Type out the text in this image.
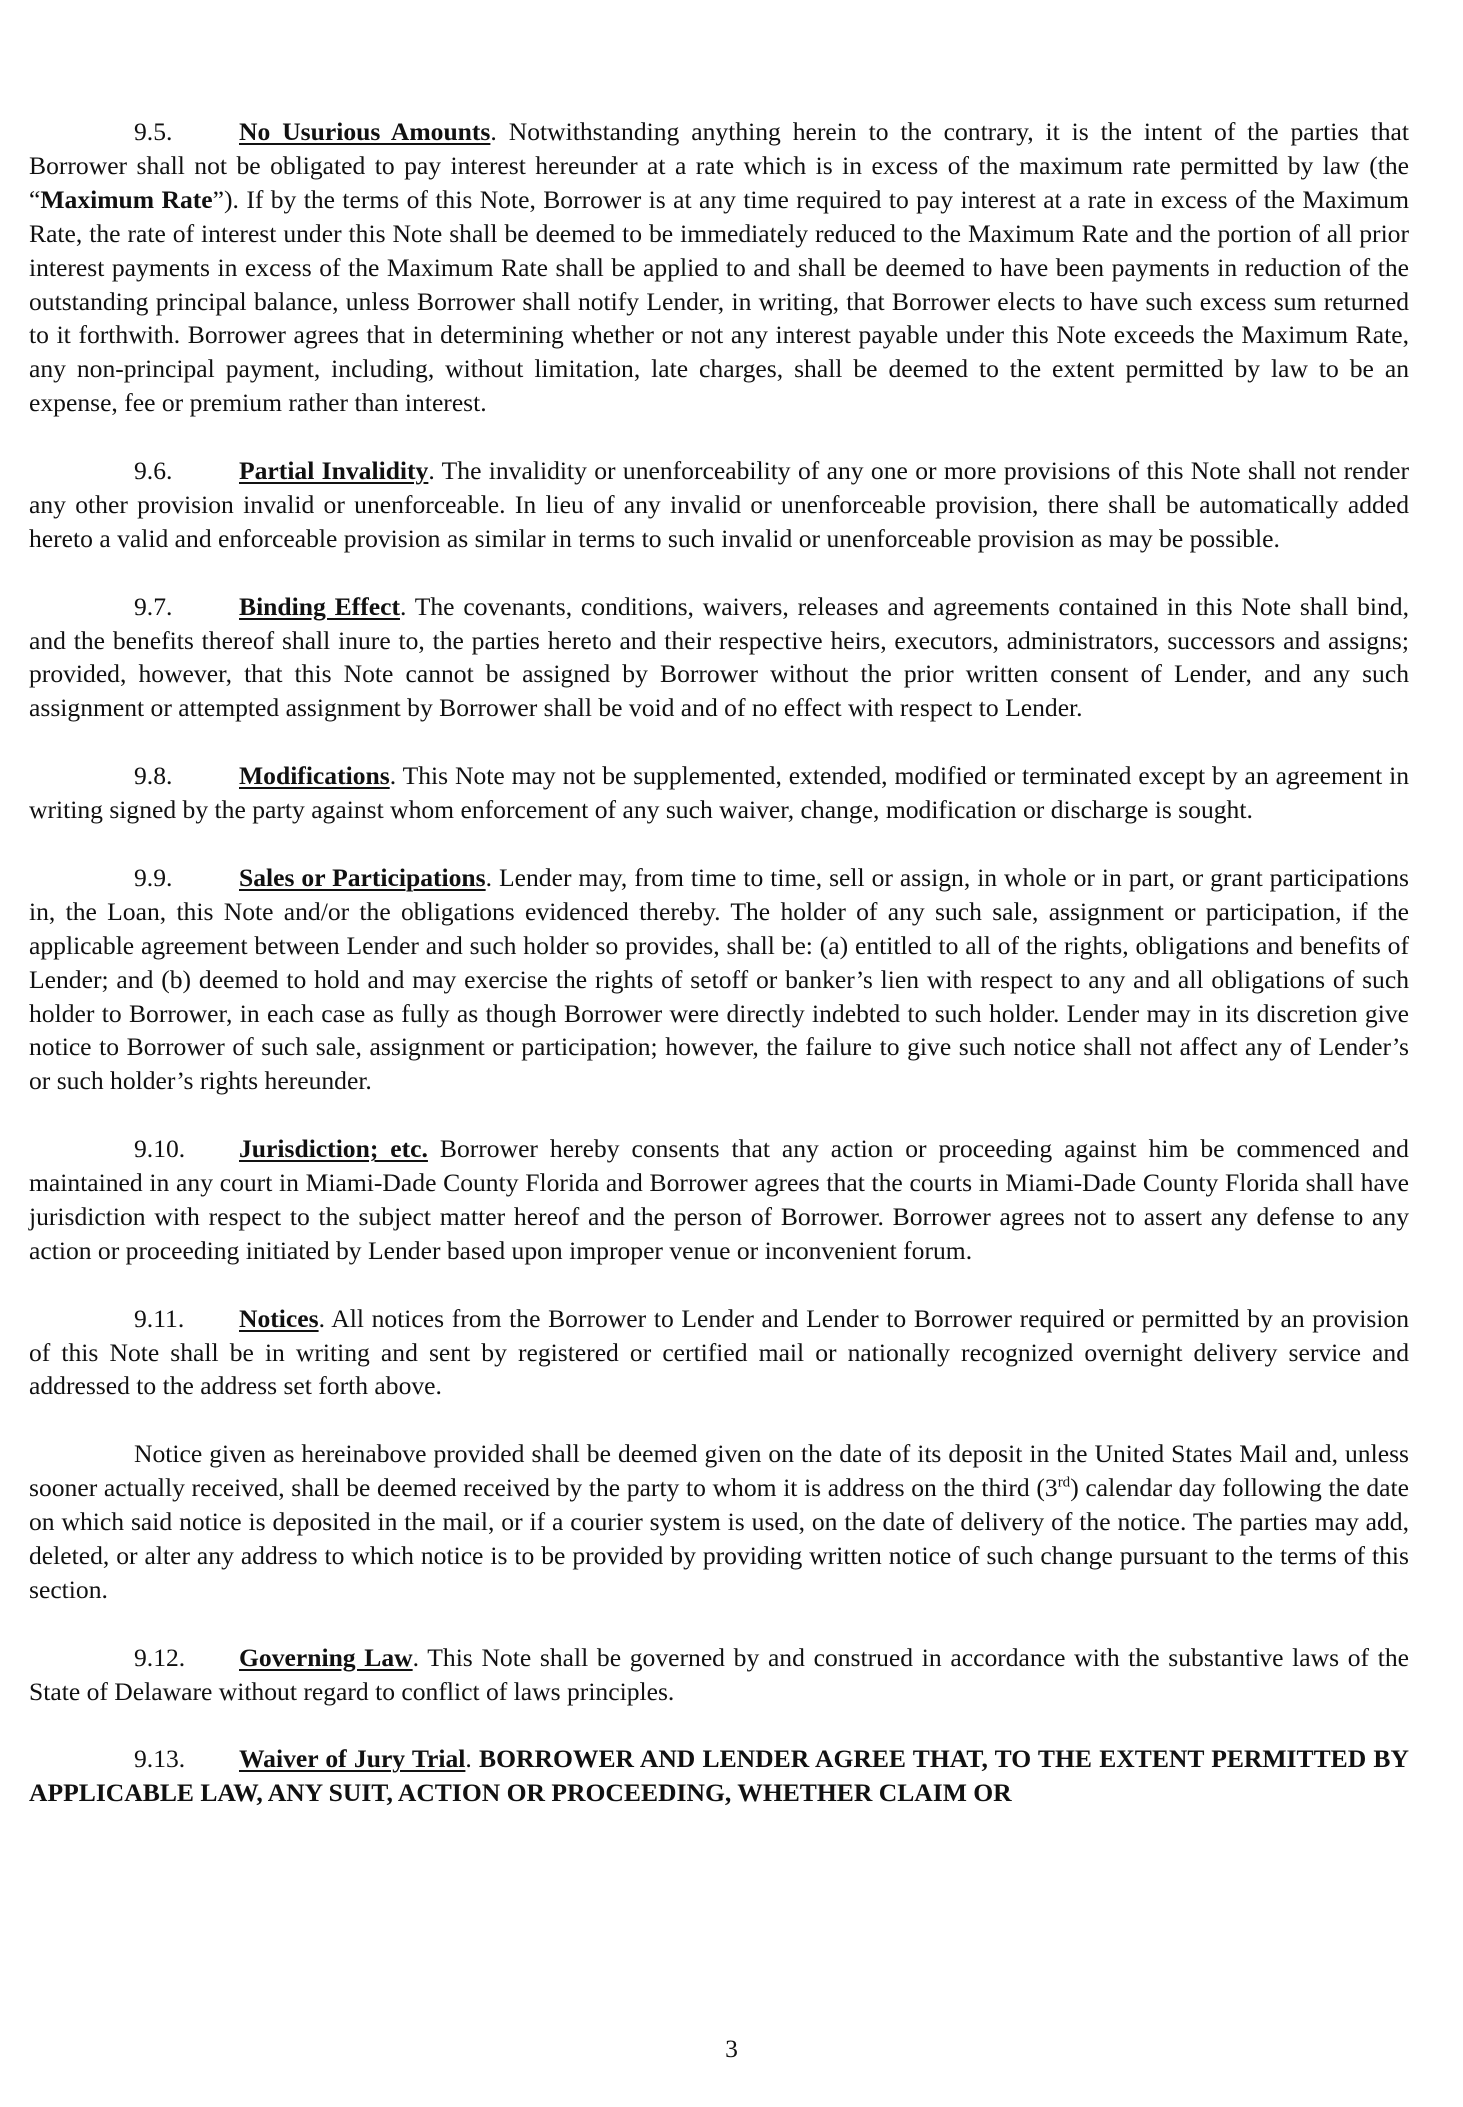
9.5.	No Usurious Amounts. Notwithstanding anything herein to the contrary, it is the intent of the parties that Borrower shall not be obligated to pay interest hereunder at a rate which is in excess of the maximum rate permitted by law (the “Maximum Rate”). If by the terms of this Note, Borrower is at any time required to pay interest at a rate in excess of the Maximum Rate, the rate of interest under this Note shall be deemed to be immediately reduced to the Maximum Rate and the portion of all prior interest payments in excess of the Maximum Rate shall be applied to and shall be deemed to have been payments in reduction of the outstanding principal balance, unless Borrower shall notify Lender, in writing, that Borrower elects to have such excess sum returned to it forthwith. Borrower agrees that in determining whether or not any interest payable under this Note exceeds the Maximum Rate, any non-principal payment, including, without limitation, late charges, shall be deemed to the extent permitted by law to be an expense, fee or premium rather than interest.

9.6.	Partial Invalidity. The invalidity or unenforceability of any one or more provisions of this Note shall not render any other provision invalid or unenforceable. In lieu of any invalid or unenforceable provision, there shall be automatically added hereto a valid and enforceable provision as similar in terms to such invalid or unenforceable provision as may be possible.

9.7.	Binding Effect. The covenants, conditions, waivers, releases and agreements contained in this Note shall bind, and the benefits thereof shall inure to, the parties hereto and their respective heirs, executors, administrators, successors and assigns; provided, however, that this Note cannot be assigned by Borrower without the prior written consent of Lender, and any such assignment or attempted assignment by Borrower shall be void and of no effect with respect to Lender.

9.8.	Modifications. This Note may not be supplemented, extended, modified or terminated except by an agreement in writing signed by the party against whom enforcement of any such waiver, change, modification or discharge is sought.

9.9.	Sales or Participations. Lender may, from time to time, sell or assign, in whole or in part, or grant participations in, the Loan, this Note and/or the obligations evidenced thereby. The holder of any such sale, assignment or participation, if the applicable agreement between Lender and such holder so provides, shall be: (a) entitled to all of the rights, obligations and benefits of Lender; and (b) deemed to hold and may exercise the rights of setoff or banker’s lien with respect to any and all obligations of such holder to Borrower, in each case as fully as though Borrower were directly indebted to such holder. Lender may in its discretion give notice to Borrower of such sale, assignment or participation; however, the failure to give such notice shall not affect any of Lender’s or such holder’s rights hereunder.

9.10. Jurisdiction; etc. Borrower hereby consents that any action or proceeding against him be commenced and maintained in any court in Miami-Dade County Florida and Borrower agrees that the courts in Miami-Dade County Florida shall have jurisdiction with respect to the subject matter hereof and the person of Borrower. Borrower agrees not to assert any defense to any action or proceeding initiated by Lender based upon improper venue or inconvenient forum.

9.11. Notices. All notices from the Borrower to Lender and Lender to Borrower required or permitted by an provision of this Note shall be in writing and sent by registered or certified mail or nationally recognized overnight delivery service and addressed to the address set forth above.

Notice given as hereinabove provided shall be deemed given on the date of its deposit in the United States Mail and, unless sooner actually received, shall be deemed received by the party to whom it is address on the third (3rd) calendar day following the date on which said notice is deposited in the mail, or if a courier system is used, on the date of delivery of the notice. The parties may add, deleted, or alter any address to which notice is to be provided by providing written notice of such change pursuant to the terms of this section.

9.12. Governing Law. This Note shall be governed by and construed in accordance with the substantive laws of the State of Delaware without regard to conflict of laws principles.

9.13. Waiver of Jury Trial. BORROWER AND LENDER AGREE THAT, TO THE EXTENT PERMITTED BY APPLICABLE LAW, ANY SUIT, ACTION OR PROCEEDING, WHETHER CLAIM OR

3
